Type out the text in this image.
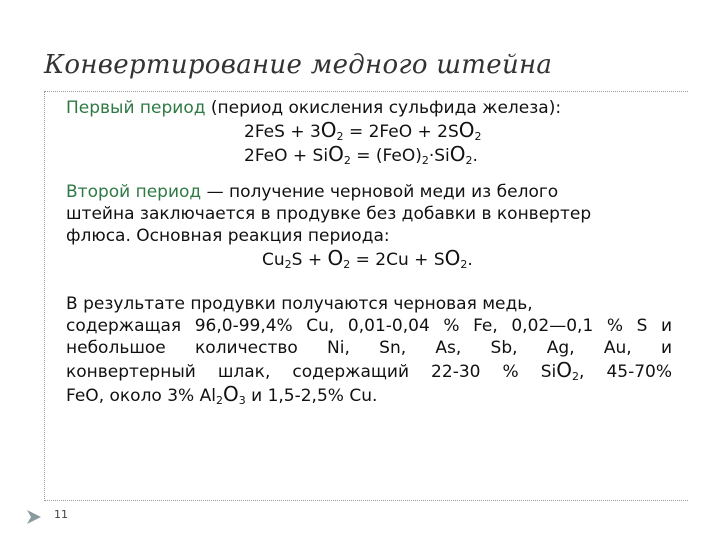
Конвертирование медного штейна

Первый период (период окисления сульфида железа):

$2FeS + 3О_2 = 2FeO + 2SО_2$

$2FeO + SiО_2 = (FeO)_2\cdot SiО_2$.

Второй период — получение черновой меди из белого
штейна заключается в продувке без добавки в конвертер
флюса. Основная реакция периода:

$Cu_2S + О_2 = 2Cu + SО_2$.

В результате продувки получаются черновая медь,
содержащая 96,0-99,4% Cu, 0,01-0,04 % Fe, 0,02—0,1 % S и
небольшое количество Ni, Sn, As, Sb, Ag, Au, и
конвертерный шлак, содержащий 22-30 % SiО$_2$, 45-70%
FeO, около 3% $Al_2О_3$ и 1,5-2,5% Cu.
11
